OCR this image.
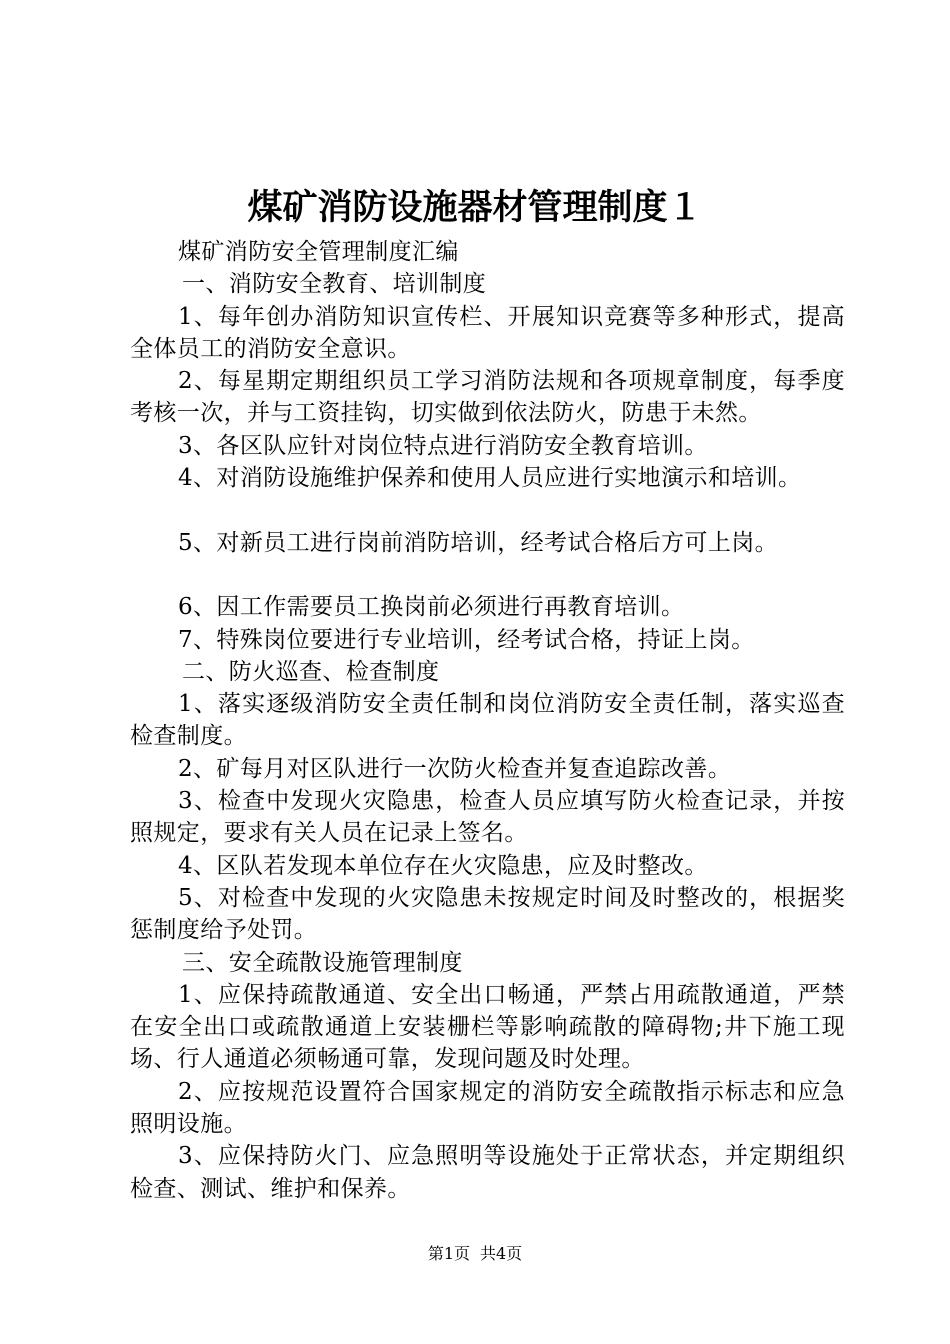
煤矿消防设施器材管理制度１

煤矿消防安全管理制度汇编

一、消防安全教育、培训制度

1、每年创办消防知识宣传栏、开展知识竞赛等多种形式，提高全体员工的消防安全意识。

2、每星期定期组织员工学习消防法规和各项规章制度，每季度考核一次，并与工资挂钩，切实做到依法防火，防患于未然。

3、各区队应针对岗位特点进行消防安全教育培训。

4、对消防设施维护保养和使用人员应进行实地演示和培训。

5、对新员工进行岗前消防培训，经考试合格后方可上岗。

6、因工作需要员工换岗前必须进行再教育培训。

7、特殊岗位要进行专业培训，经考试合格，持证上岗。

二、防火巡查、检查制度

1、落实逐级消防安全责任制和岗位消防安全责任制，落实巡查检查制度。

2、矿每月对区队进行一次防火检查并复查追踪改善。

3、检查中发现火灾隐患，检查人员应填写防火检查记录，并按照规定，要求有关人员在记录上签名。

4、区队若发现本单位存在火灾隐患，应及时整改。

5、对检查中发现的火灾隐患未按规定时间及时整改的，根据奖惩制度给予处罚。

三、安全疏散设施管理制度

1、应保持疏散通道、安全出口畅通，严禁占用疏散通道，严禁在安全出口或疏散通道上安装栅栏等影响疏散的障碍物;井下施工现场、行人通道必须畅通可靠，发现问题及时处理。

2、应按规范设置符合国家规定的消防安全疏散指示标志和应急照明设施。

3、应保持防火门、应急照明等设施处于正常状态，并定期组织检查、测试、维护和保养。

第1页 共4页
